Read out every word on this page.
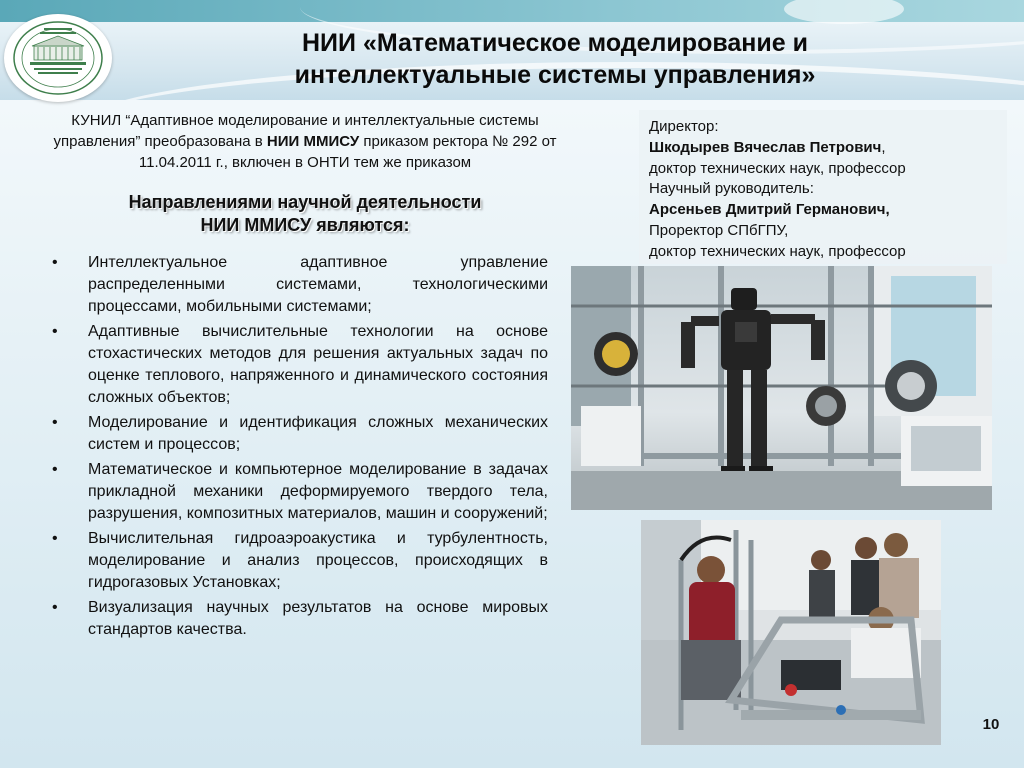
НИИ «Математическое моделирование и
интеллектуальные системы управления»
КУНИЛ “Адаптивное моделирование и интеллектуальные системы управления” преобразована в НИИ ММИСУ приказом ректора № 292 от 11.04.2011 г., включен в ОНТИ тем же приказом
Направлениями научной деятельности
НИИ ММИСУ являются:
• Интеллектуальное адаптивное управление распределенными системами, технологическими процессами, мобильными системами;
• Адаптивные вычислительные технологии на основе стохастических методов для решения актуальных задач по оценке теплового, напряженного и динамического состояния сложных объектов;
• Моделирование и идентификация сложных механических систем и процессов;
• Математическое и компьютерное моделирование в задачах прикладной механики деформируемого твердого тела, разрушения, композитных материалов, машин и сооружений;
• Вычислительная гидроаэроакустика и турбулентность, моделирование и анализ процессов, происходящих в гидрогазовых Установках;
• Визуализация научных результатов на основе мировых стандартов качества.
Директор:
Шкодырев Вячеслав Петрович,
доктор технических наук, профессор
Научный руководитель:
Арсеньев Дмитрий Германович,
Проректор СПбГПУ,
доктор технических наук, профессор
10
